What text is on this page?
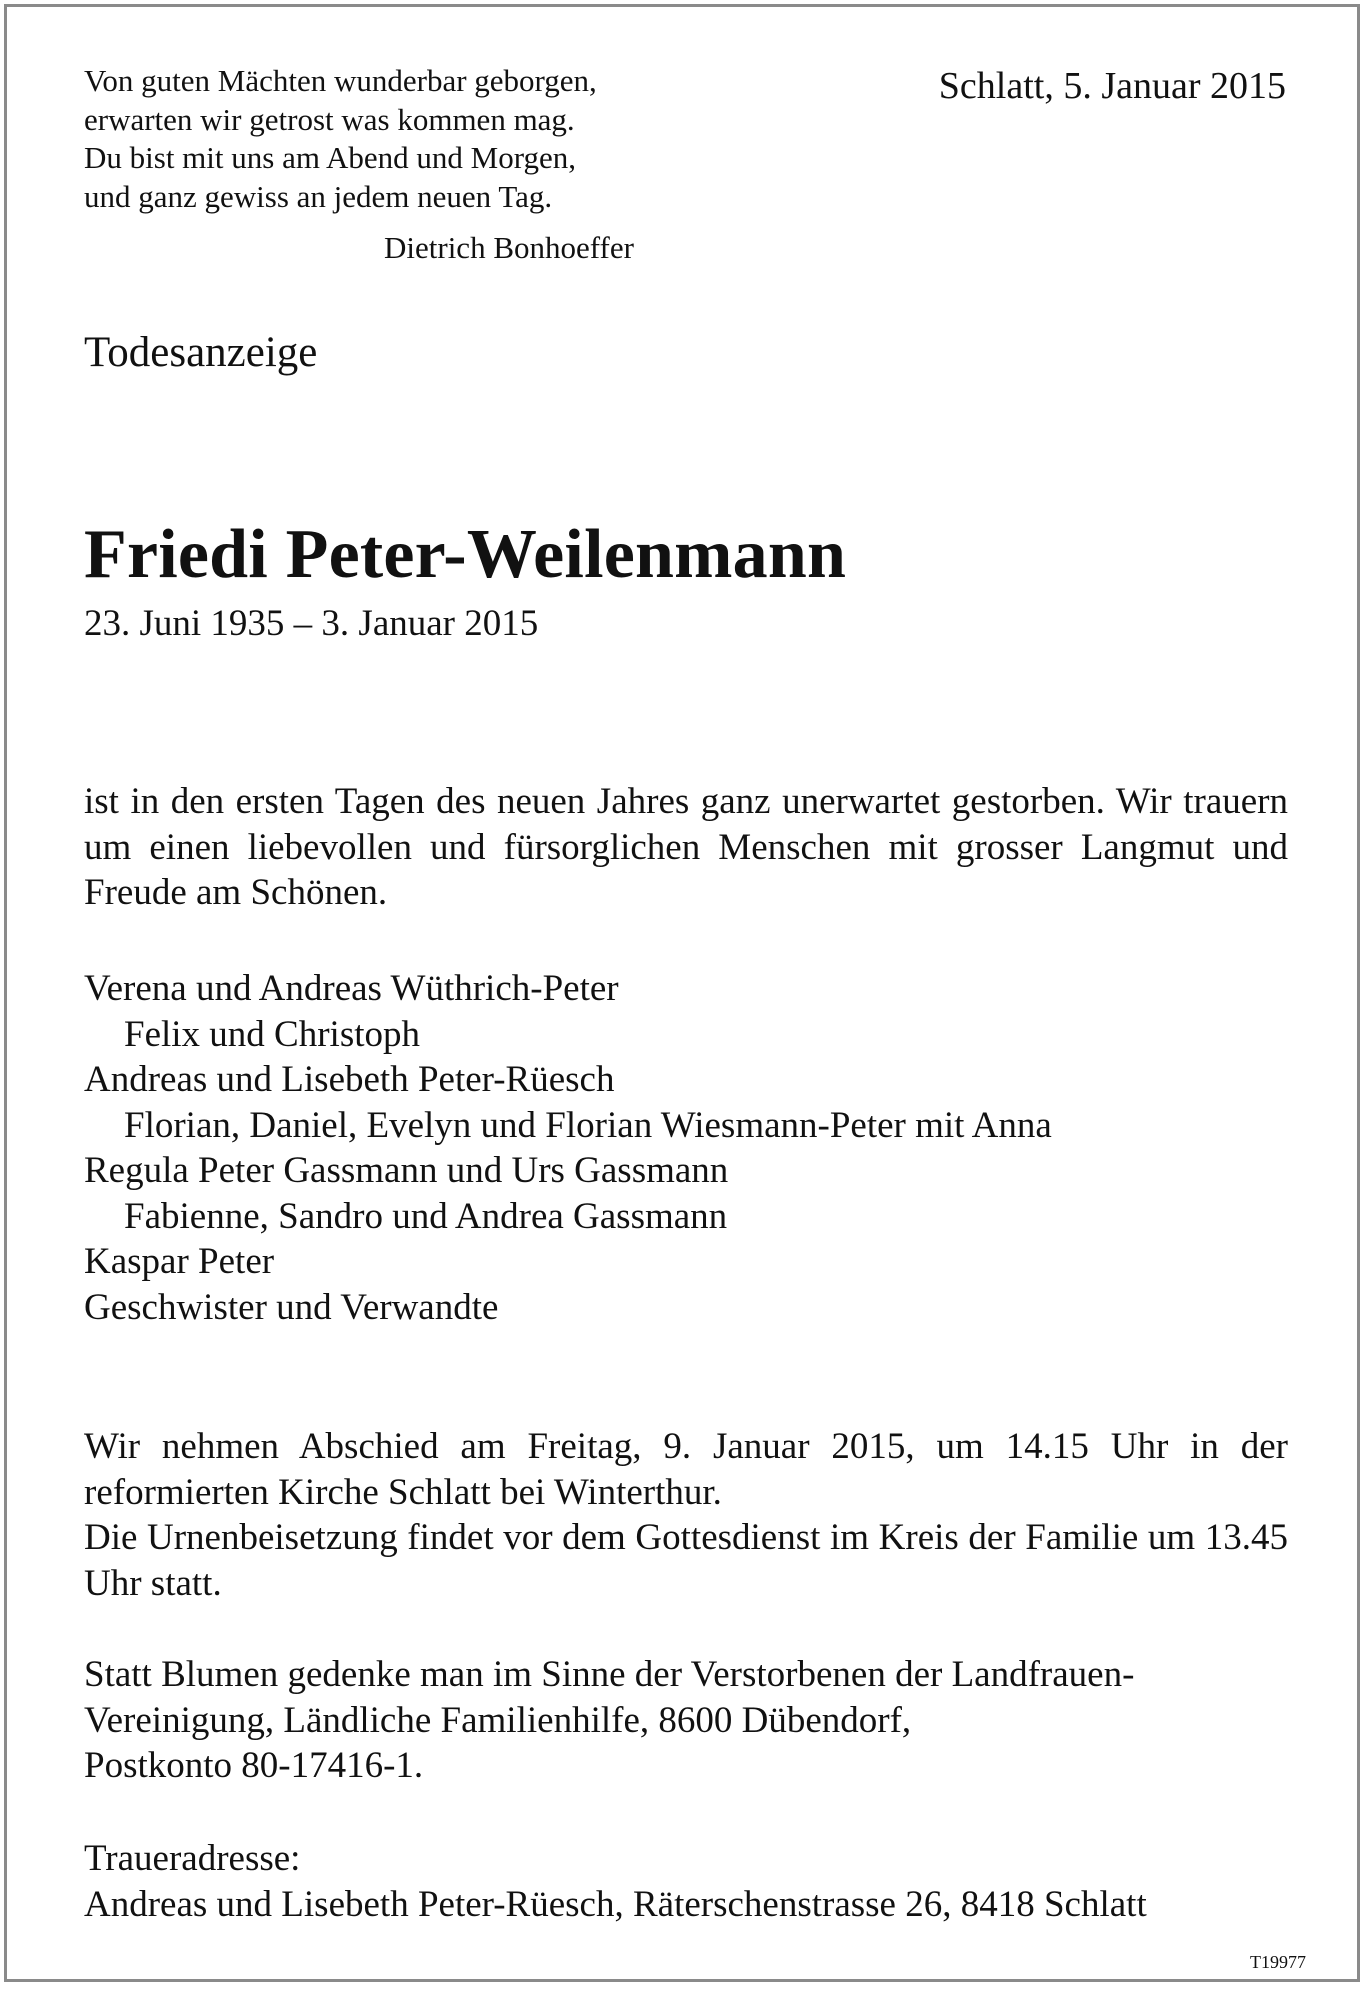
Von guten Mächten wunderbar geborgen,
erwarten wir getrost was kommen mag.
Du bist mit uns am Abend und Morgen,
und ganz gewiss an jedem neuen Tag.

Dietrich Bonhoeffer

Schlatt, 5. Januar 2015

Todesanzeige

Friedi Peter-Weilenmann

23. Juni 1935 – 3. Januar 2015

ist in den ersten Tagen des neuen Jahres ganz unerwartet gestorben. Wir trauern um einen liebevollen und fürsorglichen Menschen mit grosser Langmut und Freude am Schönen.

Verena und Andreas Wüthrich-Peter
Felix und Christoph
Andreas und Lisebeth Peter-Rüesch
Florian, Daniel, Evelyn und Florian Wiesmann-Peter mit Anna
Regula Peter Gassmann und Urs Gassmann
Fabienne, Sandro und Andrea Gassmann
Kaspar Peter
Geschwister und Verwandte

Wir nehmen Abschied am Freitag, 9. Januar 2015, um 14.15 Uhr in der reformierten Kirche Schlatt bei Winterthur.

Die Urnenbeisetzung findet vor dem Gottesdienst im Kreis der Familie um 13.45 Uhr statt.

Statt Blumen gedenke man im Sinne der Verstorbenen der Landfrauen-
Vereinigung, Ländliche Familienhilfe, 8600 Dübendorf,
Postkonto 80-17416-1.
Traueradresse:
Andreas und Lisebeth Peter-Rüesch, Räterschenstrasse 26, 8418 Schlatt

T19977
